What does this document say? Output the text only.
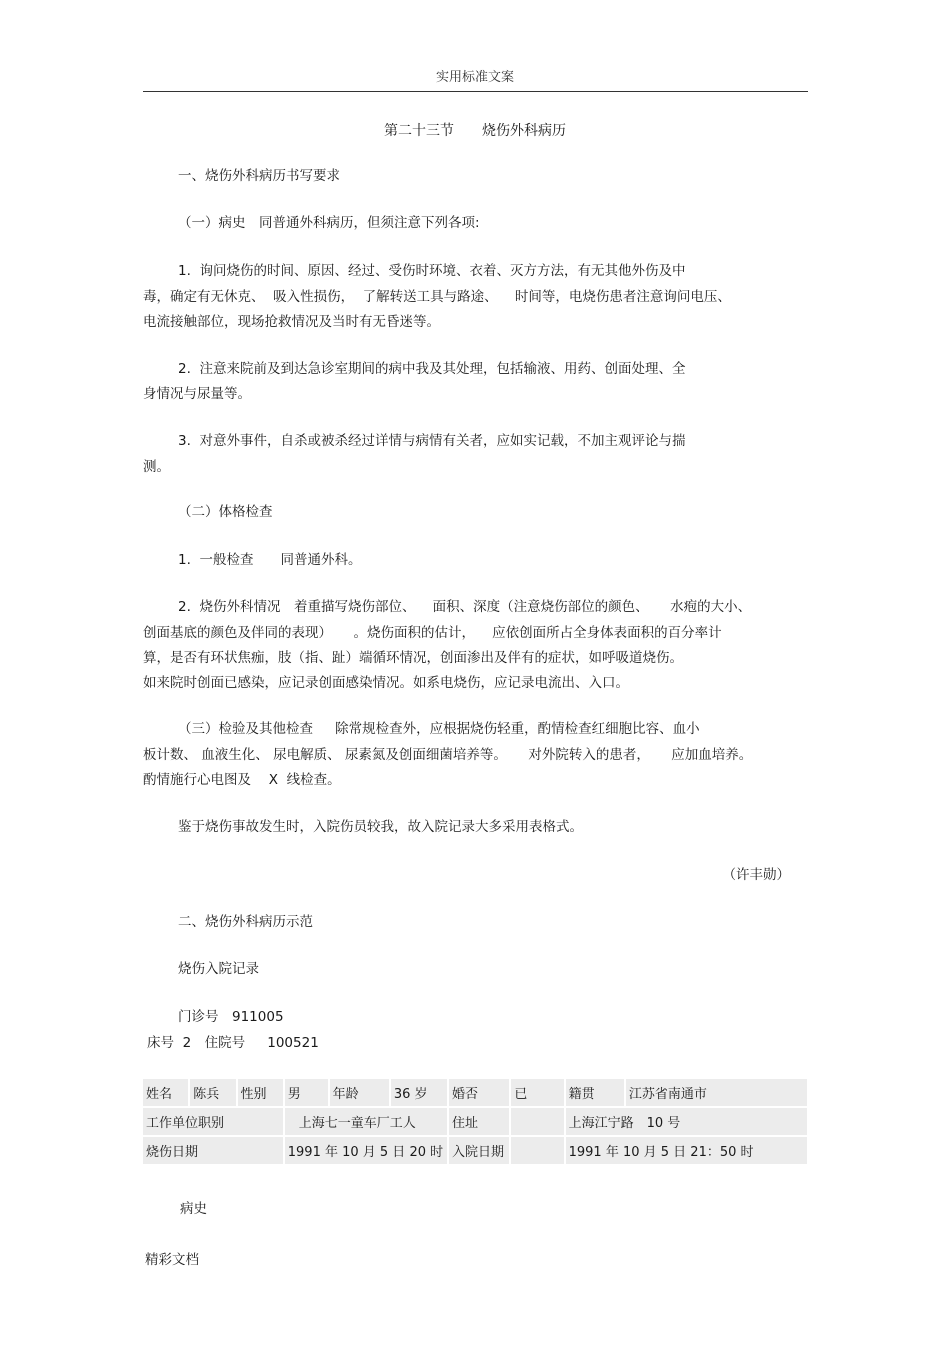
实用标准文案
第二十三节　　烧伤外科病历
一、烧伤外科病历书写要求
（一）病史　同普通外科病历，但须注意下列各项:
1.  询问烧伤的时间、原因、经过、受伤时环境、衣着、灭方方法，有无其他外伤及中
毒，确定有无休克、  吸入性损伤，  了解转送工具与路途、    时间等，电烧伤患者注意询问电压、
电流接触部位，现场抢救情况及当时有无昏迷等。
2.  注意来院前及到达急诊室期间的病中我及其处理，包括输液、用药、创面处理、全
身情况与尿量等。
3.  对意外事件，自杀或被杀经过详情与病情有关者，应如实记载，不加主观评论与揣
测。
（二）体格检查
1.  一般检查　　同普通外科。
2.  烧伤外科情况　着重描写烧伤部位、    面积、深度（注意烧伤部位的颜色、     水疱的大小、
创面基底的颜色及伴同的表现）     。烧伤面积的估计，    应依创面所占全身体表面积的百分率计
算，是否有环状焦痂，肢（指、趾）端循环情况，创面渗出及伴有的症状，如呼吸道烧伤。
如来院时创面已感染，应记录创面感染情况。如系电烧伤，应记录电流出、入口。
（三）检验及其他检查　  除常规检查外，应根据烧伤轻重，酌情检查红细胞比容、血小
板计数、 血液生化、 尿电解质、 尿素氮及创面细菌培养等。     对外院转入的患者，     应加血培养。
酌情施行心电图及　 X  线检查。
鉴于烧伤事故发生时，入院伤员较我，故入院记录大多采用表格式。
（许丰勋）
二、烧伤外科病历示范
烧伤入院记录
门诊号　911005
床号  2　住院号　  100521
姓名	陈兵	性别	男	年龄	36 岁	婚否	已	籍贯	江苏省南通市
工作单位职别			上海七一童车厂工人			住址		上海江宁路　10 号	
烧伤日期			1991 年 10 月 5 日 20 时			入院日期		1991 年 10 月 5 日 21：50 时	
病史
精彩文档
